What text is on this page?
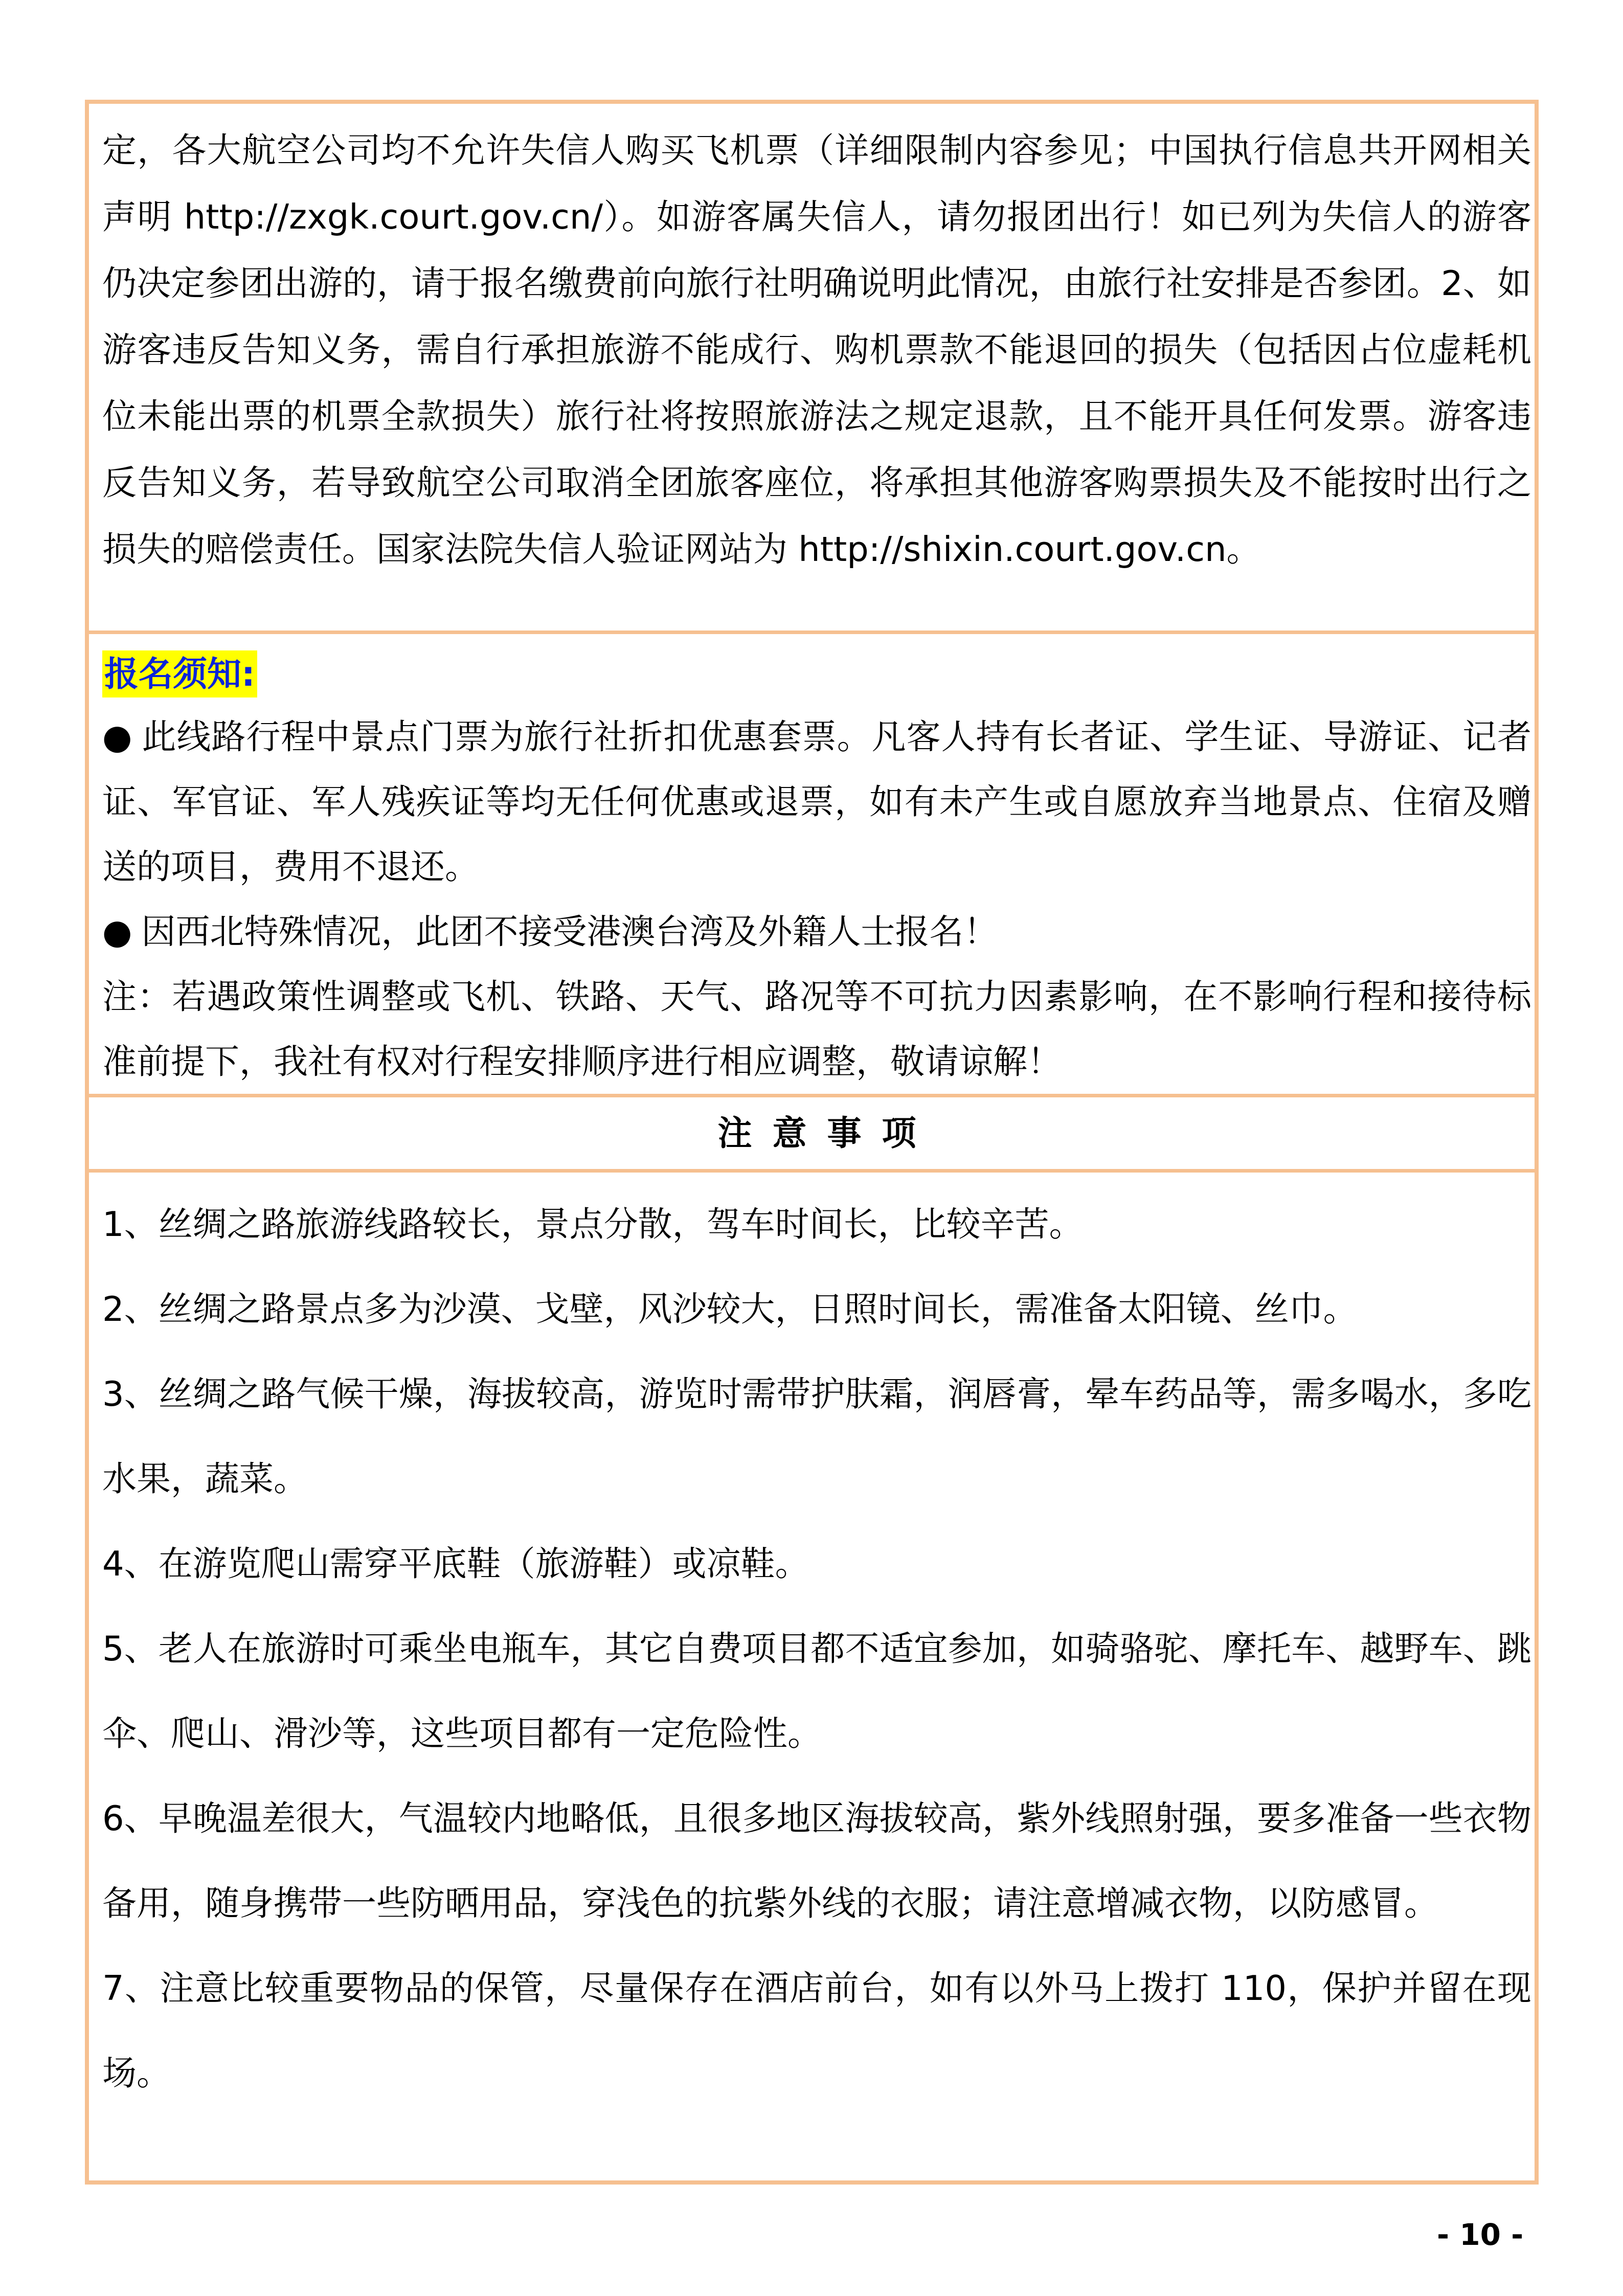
定，各大航空公司均不允许失信人购买飞机票（详细限制内容参见；中国执行信息共开网相关声明 http://zxgk.court.gov.cn/）。如游客属失信人，请勿报团出行！如已列为失信人的游客仍决定参团出游的，请于报名缴费前向旅行社明确说明此情况，由旅行社安排是否参团。2、如游客违反告知义务，需自行承担旅游不能成行、购机票款不能退回的损失（包括因占位虚耗机位未能出票的机票全款损失）旅行社将按照旅游法之规定退款，且不能开具任何发票。游客违反告知义务，若导致航空公司取消全团旅客座位，将承担其他游客购票损失及不能按时出行之损失的赔偿责任。国家法院失信人验证网站为 http://shixin.court.gov.cn。

报名须知:

● 此线路行程中景点门票为旅行社折扣优惠套票。凡客人持有长者证、学生证、导游证、记者证、军官证、军人残疾证等均无任何优惠或退票，如有未产生或自愿放弃当地景点、住宿及赠送的项目，费用不退还。

● 因西北特殊情况，此团不接受港澳台湾及外籍人士报名！

注：若遇政策性调整或飞机、铁路、天气、路况等不可抗力因素影响，在不影响行程和接待标准前提下，我社有权对行程安排顺序进行相应调整，敬请谅解！

注意事项

1、丝绸之路旅游线路较长，景点分散，驾车时间长，比较辛苦。

2、丝绸之路景点多为沙漠、戈壁，风沙较大，日照时间长，需准备太阳镜、丝巾。

3、丝绸之路气候干燥，海拔较高，游览时需带护肤霜，润唇膏，晕车药品等，需多喝水，多吃水果，蔬菜。

4、在游览爬山需穿平底鞋（旅游鞋）或凉鞋。

5、老人在旅游时可乘坐电瓶车，其它自费项目都不适宜参加，如骑骆驼、摩托车、越野车、跳伞、爬山、滑沙等，这些项目都有一定危险性。

6、早晚温差很大，气温较内地略低，且很多地区海拔较高，紫外线照射强，要多准备一些衣物备用，随身携带一些防晒用品，穿浅色的抗紫外线的衣服；请注意增减衣物，以防感冒。

7、注意比较重要物品的保管，尽量保存在酒店前台，如有以外马上拨打 110，保护并留在现场。

- 10 -
